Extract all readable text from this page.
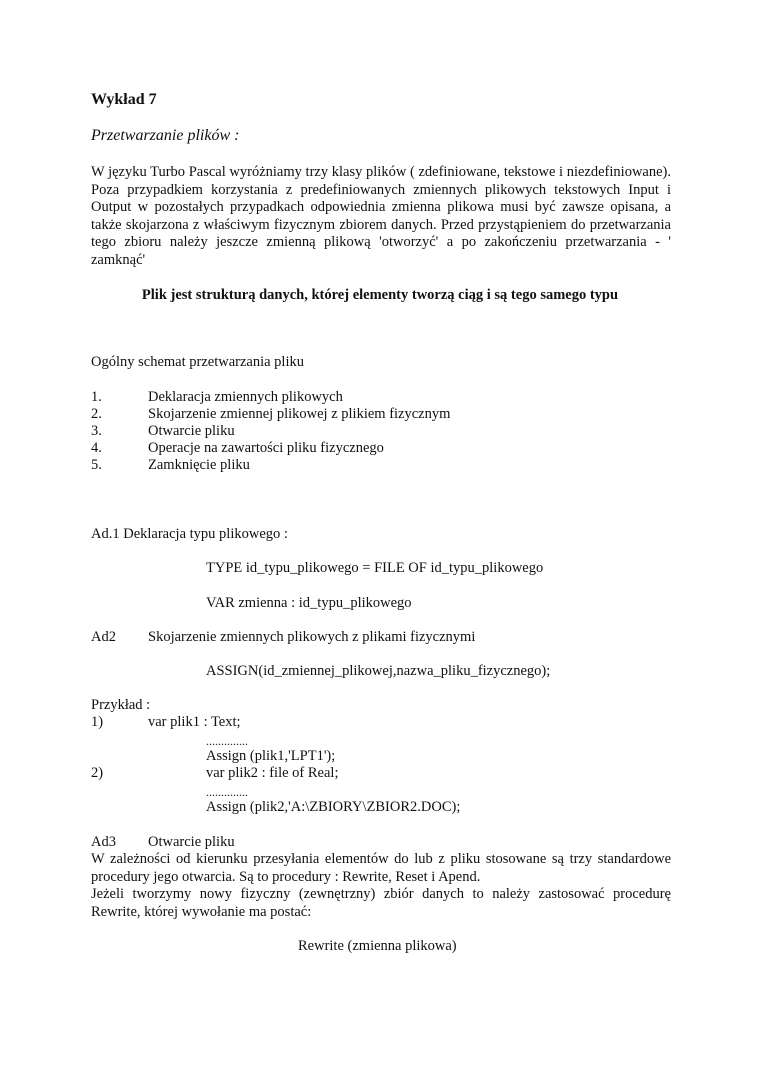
Wykład 7
Przetwarzanie plików :
W języku Turbo Pascal wyróżniamy trzy klasy plików ( zdefiniowane, tekstowe i niezdefiniowane). Poza przypadkiem korzystania z predefiniowanych zmiennych plikowych tekstowych Input i Output w pozostałych przypadkach odpowiednia zmienna plikowa musi być zawsze opisana, a także skojarzona z właściwym fizycznym zbiorem danych. Przed przystąpieniem do przetwarzania tego zbioru należy jeszcze zmienną plikową 'otworzyć' a po zakończeniu przetwarzania - ' zamknąć'
Plik jest strukturą danych, której elementy tworzą ciąg i są tego samego typu
Ogólny schemat przetwarzania pliku
1.	Deklaracja zmiennych plikowych
2.	Skojarzenie zmiennej plikowej z plikiem fizycznym
3.	Otwarcie pliku
4.	Operacje na zawartości pliku fizycznego
5.	Zamknięcie pliku
Ad.1 Deklaracja typu plikowego :
TYPE id_typu_plikowego = FILE OF id_typu_plikowego
VAR zmienna : id_typu_plikowego
Ad2 Skojarzenie zmiennych plikowych z plikami fizycznymi
ASSIGN(id_zmiennej_plikowej,nazwa_pliku_fizycznego);
Przykład :
1)	var plik1 : Text;
..............
Assign (plik1,'LPT1');
2)	var plik2 : file of Real;
..............
Assign (plik2,'A:\ZBIORY\ZBIOR2.DOC);
Ad3 Otwarcie pliku
W zależności od kierunku przesyłania elementów do lub z pliku stosowane są trzy standardowe procedury jego otwarcia. Są to procedury : Rewrite, Reset i Apend.
Jeżeli tworzymy nowy fizyczny (zewnętrzny) zbiór danych to należy zastosować procedurę Rewrite, której wywołanie ma postać:
Rewrite (zmienna plikowa)
